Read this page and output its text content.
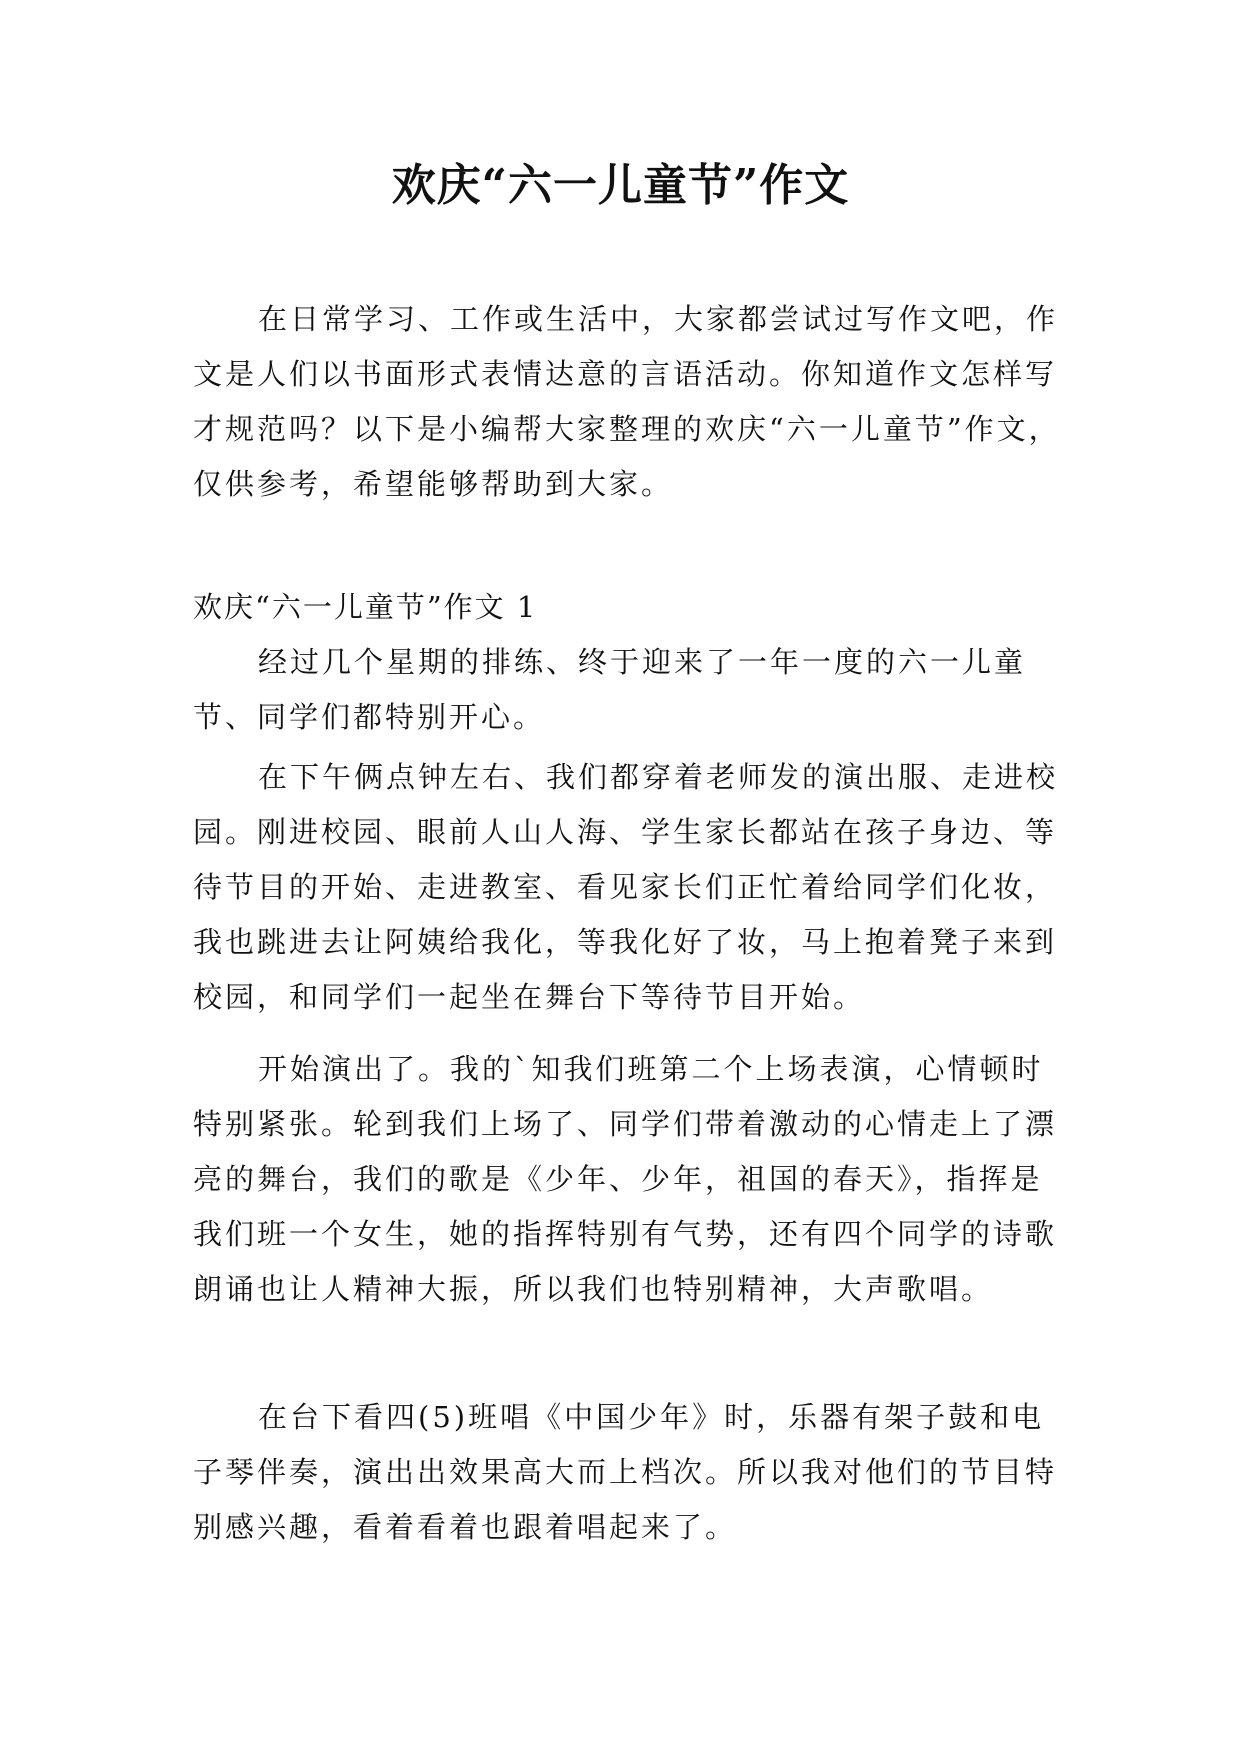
欢庆“六一儿童节”作文

在日常学习、工作或生活中，大家都尝试过写作文吧，作文是人们以书面形式表情达意的言语活动。你知道作文怎样写才规范吗？以下是小编帮大家整理的欢庆“六一儿童节”作文，仅供参考，希望能够帮助到大家。

欢庆“六一儿童节”作文 1

经过几个星期的排练、终于迎来了一年一度的六一儿童节、同学们都特别开心。

在下午俩点钟左右、我们都穿着老师发的演出服、走进校园。刚进校园、眼前人山人海、学生家长都站在孩子身边、等待节目的开始、走进教室、看见家长们正忙着给同学们化妆，我也跳进去让阿姨给我化，等我化好了妆，马上抱着凳子来到校园，和同学们一起坐在舞台下等待节目开始。

开始演出了。我的`知我们班第二个上场表演，心情顿时特别紧张。轮到我们上场了、同学们带着激动的心情走上了漂亮的舞台，我们的歌是《少年、少年，祖国的春天》，指挥是我们班一个女生，她的指挥特别有气势，还有四个同学的诗歌朗诵也让人精神大振，所以我们也特别精神，大声歌唱。

在台下看四(5)班唱《中国少年》时，乐器有架子鼓和电子琴伴奏，演出出效果高大而上档次。所以我对他们的节目特别感兴趣，看着看着也跟着唱起来了。
